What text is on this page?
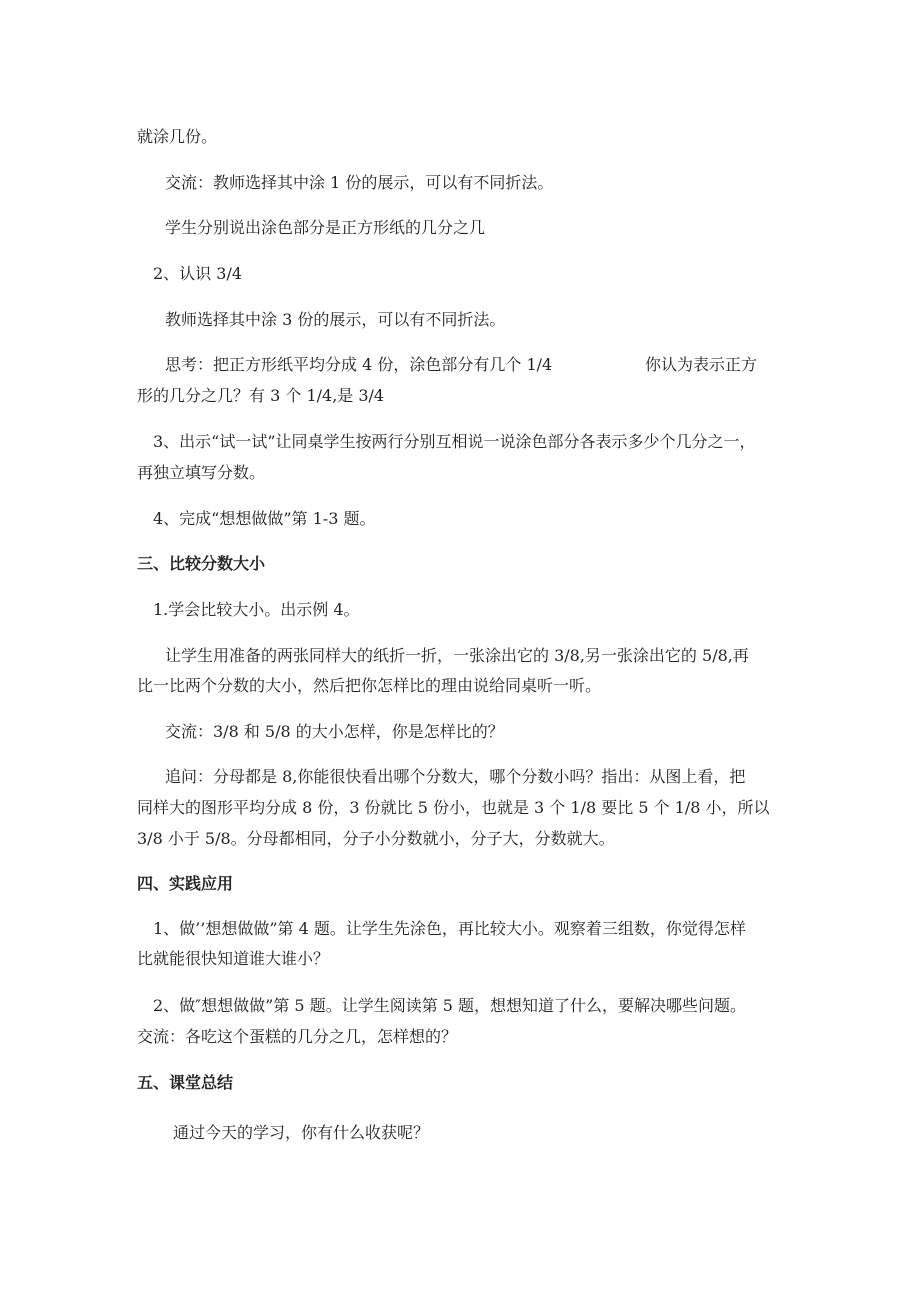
就涂几份。
交流：教师选择其中涂 1 份的展示，可以有不同折法。
学生分别说出涂色部分是正方形纸的几分之几
2、认识 3/4
教师选择其中涂 3 份的展示，可以有不同折法。
思考：把正方形纸平均分成 4 份，涂色部分有几个 1/4	你认为表示正方
形的几分之几？有 3 个 1/4,是 3/4
3、出示“试一试”让同桌学生按两行分别互相说一说涂色部分各表示多少个几分之一，
再独立填写分数。
4、完成“想想做做”第 1-3 题。
三、比较分数大小
1.学会比较大小。出示例 4。
让学生用准备的两张同样大的纸折一折，一张涂出它的 3/8,另一张涂出它的 5/8,再
比一比两个分数的大小，然后把你怎样比的理由说给同桌听一听。
交流：3/8 和 5/8 的大小怎样，你是怎样比的？
追问：分母都是 8,你能很快看出哪个分数大，哪个分数小吗？指出：从图上看，把
同样大的图形平均分成 8 份，3 份就比 5 份小，也就是 3 个 1/8 要比 5 个 1/8 小，所以
3/8 小于 5/8。分母都相同，分子小分数就小，分子大，分数就大。
四、实践应用
1、做’’想想做做”第 4 题。让学生先涂色，再比较大小。观察着三组数，你觉得怎样
比就能很快知道谁大谁小？
2、做″想想做做”第 5 题。让学生阅读第 5 题，想想知道了什么，要解决哪些问题。
交流：各吃这个蛋糕的几分之几，怎样想的？
五、课堂总结
通过今天的学习，你有什么收获呢？
